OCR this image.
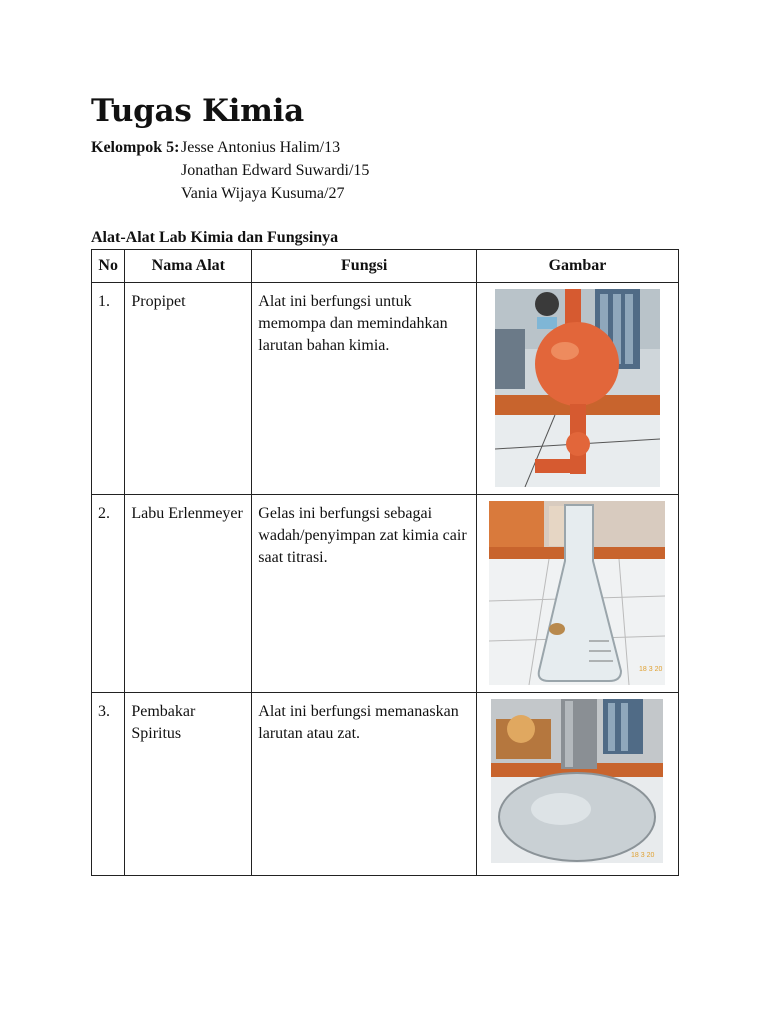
Tugas Kimia
Kelompok 5: Jesse Antonius Halim/13
Jonathan Edward Suwardi/15
Vania Wijaya Kusuma/27
Alat-Alat Lab Kimia dan Fungsinya
No	Nama Alat	Fungsi	Gambar
1.	Propipet	Alat ini berfungsi untuk memompa dan memindahkan larutan bahan kimia.	

2.	Labu Erlenmeyer	Gelas ini berfungsi sebagai wadah/penyimpan zat kimia cair saat titrasi.	18 3 20

3.	Pembakar Spiritus	Alat ini berfungsi memanaskan larutan atau zat.	18 3 20
